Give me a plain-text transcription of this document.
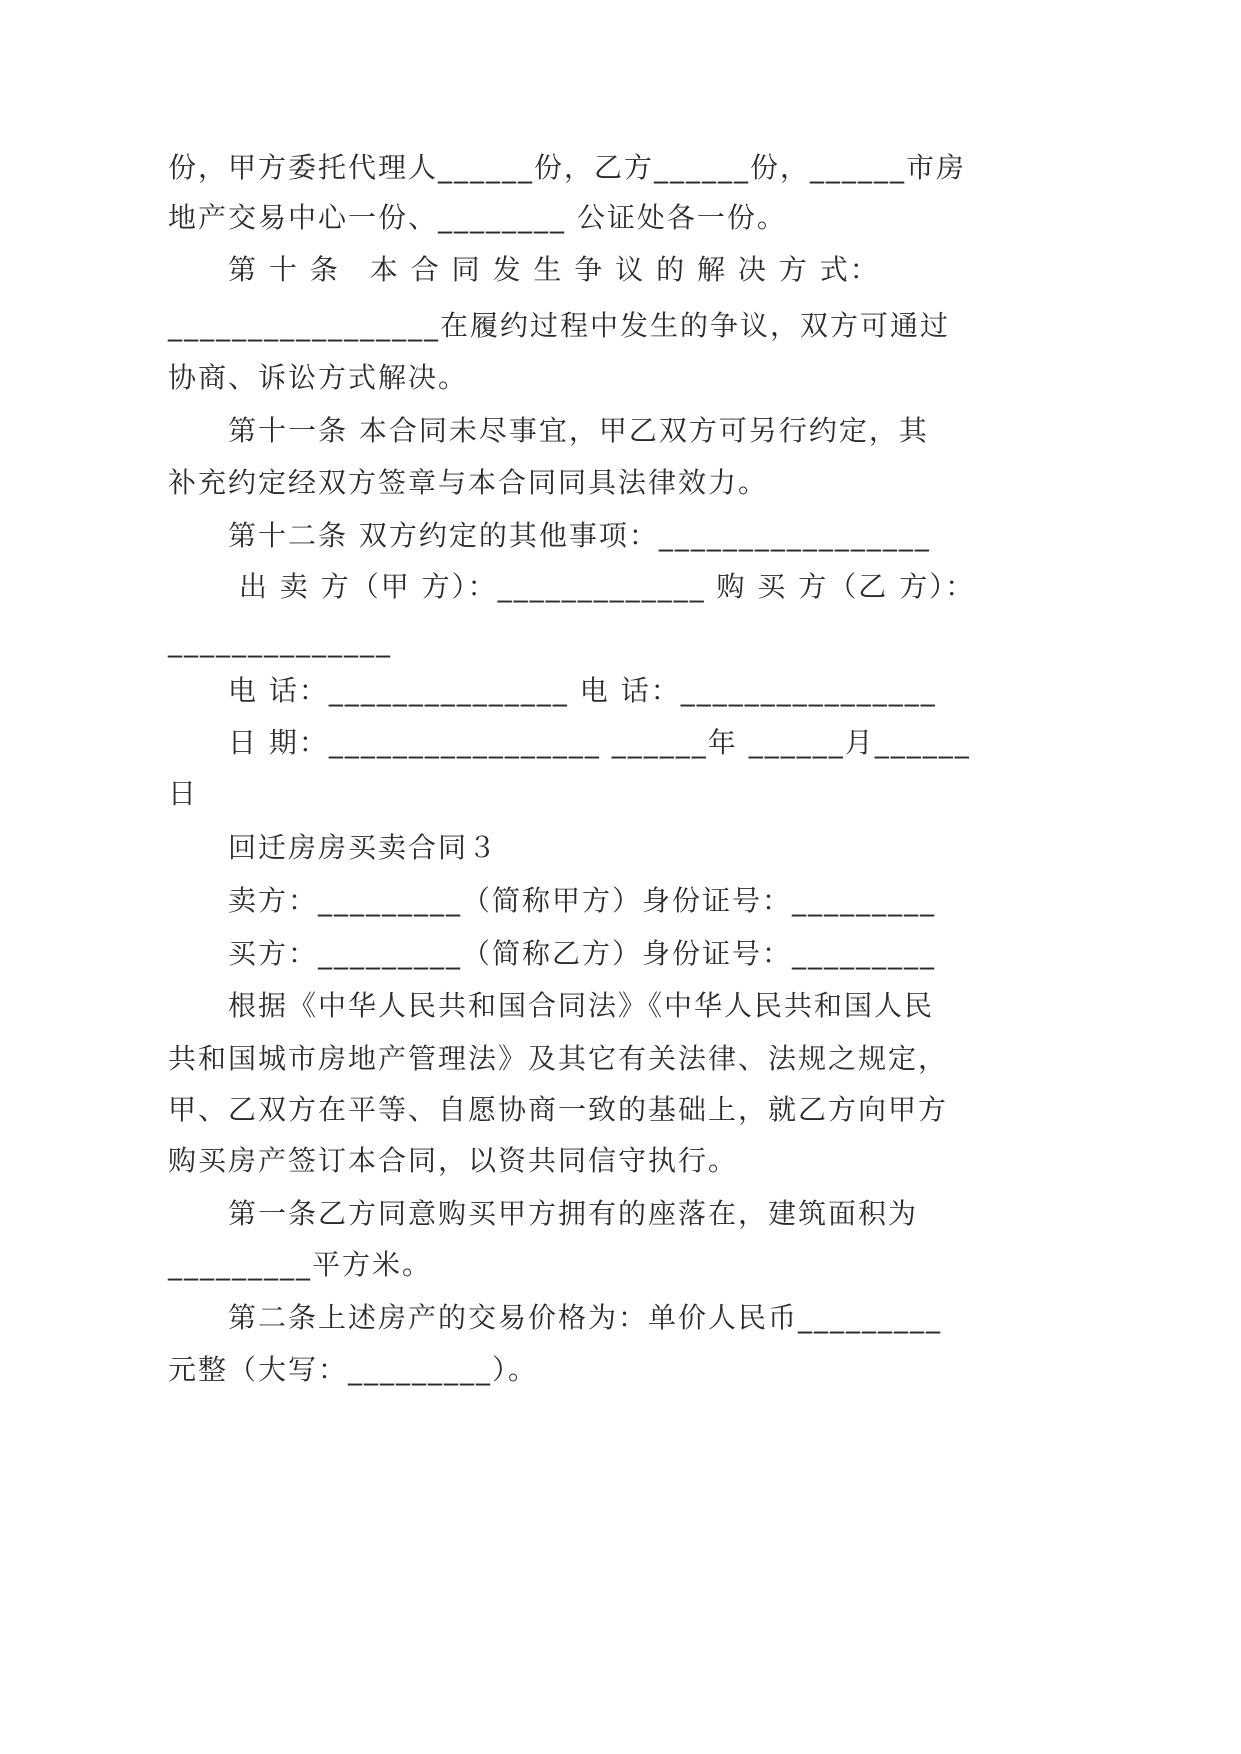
份，甲方委托代理人______份，乙方______份，______市房
地产交易中心一份、________ 公证处各一份。
　　第 十 条　本 合 同 发 生 争 议 的 解 决 方 式：
_________________在履约过程中发生的争议，双方可通过
协商、诉讼方式解决。
　　第十一条 本合同未尽事宜，甲乙双方可另行约定，其
补充约定经双方签章与本合同同具法律效力。
　　第十二条 双方约定的其他事项：_________________
　　 出 卖 方（甲 方）：_____________ 购 买 方（乙 方）：
______________
　　电 话：_______________ 电 话：________________
　　日 期：_________________ ______年 ______月______
日
　　回迁房房买卖合同３
　　卖方：_________（简称甲方）身份证号：_________
　　买方：_________（简称乙方）身份证号：_________
　　根据《中华人民共和国合同法》《中华人民共和国人民
共和国城市房地产管理法》及其它有关法律、法规之规定，
甲、乙双方在平等、自愿协商一致的基础上，就乙方向甲方
购买房产签订本合同，以资共同信守执行。
　　第一条乙方同意购买甲方拥有的座落在，建筑面积为
_________平方米。
　　第二条上述房产的交易价格为：单价人民币_________
元整（大写：_________）。
